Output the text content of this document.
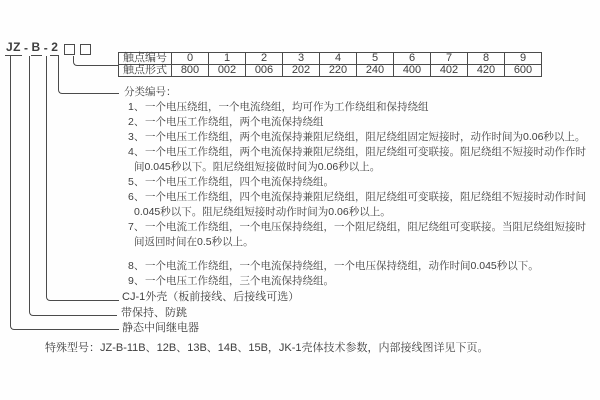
JZ - B - 2
触点编号	0	1	2	3	4	5	6	7	8	9
触点形式	800	002	006	202	220	240	400	402	420	600
分类编号：
1、一个电压绕组，一个电流绕组，均可作为工作绕组和保持绕组
2、一个电压工作绕组，两个电流保持绕组
3、一个电压工作绕组，两个电流保持兼阻尼绕组，阻尼绕组固定短接时，动作时间为0.06秒以上。
4、一个电压工作绕组，两个电流保持兼阻尼绕组，阻尼绕组可变联接。阻尼绕组不短接时动作作时
间0.045秒以下。阻尼绕组短接做时间为0.06秒以上。
5、一个电压工作绕组，四个电流保持绕组。
6、一个电压工作绕组，四个电流保持兼阻尼绕组，阻尼绕组可变联接，阻尼绕组不短接时动作时间
0.045秒以下。阻尼绕组短接时动作时间为0.06秒以上。
7、一个电流工作绕组，一个电压保持绕组，一个阻尼绕组，阻尼绕组可变联接。当阻尼绕组短接时
间返回时间在0.5秒以上。
8、一个电流工作绕组，一个电流保持绕组，一个电压保持绕组，动作时间0.045秒以下。
9、一个电压工作绕组，三个电流保持绕组。
CJ-1外壳（板前接线、后接线可选）
带保持、防跳
静态中间继电器
特殊型号：JZ-B-11B、12B、13B、14B、15B，JK-1壳体技术参数，内部接线图详见下页。
